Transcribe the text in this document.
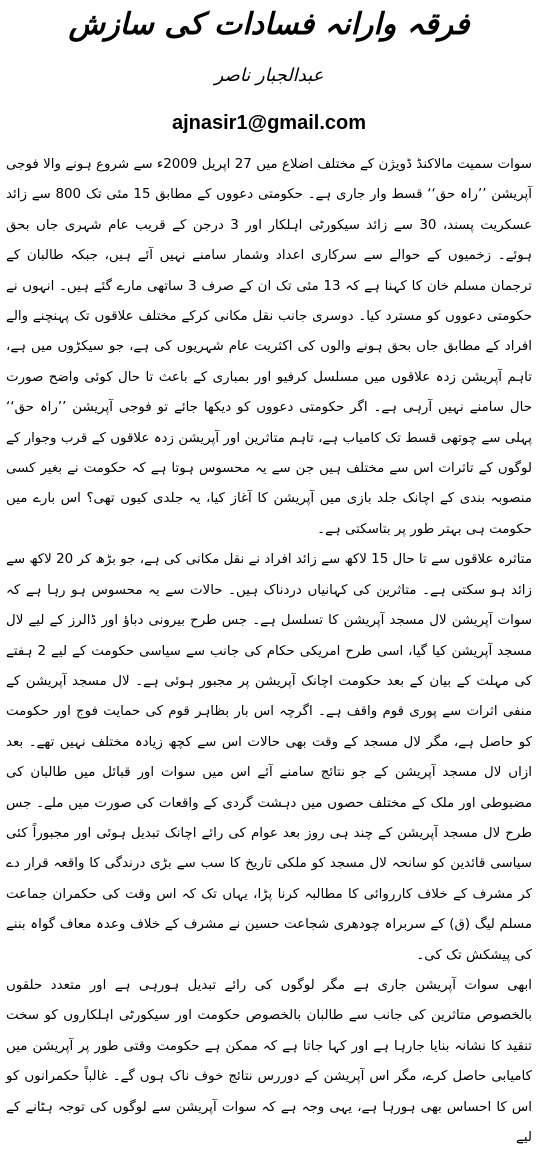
فرقہ وارانہ فسادات کی سازش
عبدالجبار ناصر
ajnasir1@gmail.com

سوات سمیت مالاکنڈ ڈویژن کے مختلف اضلاع میں 27 اپریل 2009ء سے شروع ہونے والا فوجی آپریشن ’’راہ حق‘‘ قسط وار جاری ہے۔ حکومتی دعووں کے مطابق 15 مئی تک 800 سے زائد عسکریت پسند، 30 سے زائد سیکورٹی اہلکار اور 3 درجن کے قریب عام شہری جاں بحق ہوئے۔ زخمیوں کے حوالے سے سرکاری اعداد وشمار سامنے نہیں آئے ہیں، جبکہ طالبان کے ترجمان مسلم خان کا کہنا ہے کہ 13 مئی تک ان کے صرف 3 ساتھی مارے گئے ہیں۔ انہوں نے حکومتی دعووں کو مسترد کیا۔ دوسری جانب نقل مکانی کرکے مختلف علاقوں تک پہنچنے والے افراد کے مطابق جاں بحق ہونے والوں کی اکثریت عام شہریوں کی ہے، جو سیکڑوں میں ہے، تاہم آپریشن زدہ علاقوں میں مسلسل کرفیو اور بمباری کے باعث تا حال کوئی واضح صورت حال سامنے نہیں آرہی ہے۔ اگر حکومتی دعووں کو دیکھا جائے تو فوجی آپریشن ’’راہ حق‘‘ پہلی سے چوتھی قسط تک کامیاب ہے، تاہم متاثرین اور آپریشن زدہ علاقوں کے قرب وجوار کے لوگوں کے تاثرات اس سے مختلف ہیں جن سے یہ محسوس ہوتا ہے کہ حکومت نے بغیر کسی منصوبہ بندی کے اچانک جلد بازی میں آپریشن کا آغاز کیا، یہ جلدی کیوں تھی؟ اس بارے میں حکومت ہی بہتر طور پر بتاسکتی ہے۔

متاثرہ علاقوں سے تا حال 15 لاکھ سے زائد افراد نے نقل مکانی کی ہے، جو بڑھ کر 20 لاکھ سے زائد ہو سکتی ہے۔ متاثرین کی کہانیاں دردناک ہیں۔ حالات سے یہ محسوس ہو رہا ہے کہ سوات آپریشن لال مسجد آپریشن کا تسلسل ہے۔ جس طرح بیرونی دباؤ اور ڈالرز کے لیے لال مسجد آپریشن کیا گیا، اسی طرح امریکی حکام کی جانب سے سیاسی حکومت کے لیے 2 ہفتے کی مہلت کے بیان کے بعد حکومت اچانک آپریشن پر مجبور ہوئی ہے۔ لال مسجد آپریشن کے منفی اثرات سے پوری قوم واقف ہے۔ اگرچہ اس بار بظاہر قوم کی حمایت فوج اور حکومت کو حاصل ہے، مگر لال مسجد کے وقت بھی حالات اس سے کچھ زیادہ مختلف نہیں تھے۔ بعد ازاں لال مسجد آپریشن کے جو نتائج سامنے آئے اس میں سوات اور قبائل میں طالبان کی مضبوطی اور ملک کے مختلف حصوں میں دہشت گردی کے واقعات کی صورت میں ملے۔ جس طرح لال مسجد آپریشن کے چند ہی روز بعد عوام کی رائے اچانک تبدیل ہوئی اور مجبوراً کئی سیاسی قائدین کو سانحہ لال مسجد کو ملکی تاریخ کا سب سے بڑی درندگی کا واقعہ قرار دے کر مشرف کے خلاف کارروائی کا مطالبہ کرنا پڑا، یہاں تک کہ اس وقت کی حکمران جماعت مسلم لیگ (ق) کے سربراہ چودھری شجاعت حسین نے مشرف کے خلاف وعدہ معاف گواہ بننے کی پیشکش تک کی۔

ابھی سوات آپریشن جاری ہے مگر لوگوں کی رائے تبدیل ہورہی ہے اور متعدد حلقوں بالخصوص متاثرین کی جانب سے طالبان بالخصوص حکومت اور سیکورٹی اہلکاروں کو سخت تنقید کا نشانہ بنایا جارہا ہے اور کہا جاتا ہے کہ ممکن ہے حکومت وقتی طور پر آپریشن میں کامیابی حاصل کرے، مگر اس آپریشن کے دوررس نتائج خوف ناک ہوں گے۔ غالباً حکمرانوں کو اس کا احساس بھی ہورہا ہے، یہی وجہ ہے کہ سوات آپریشن سے لوگوں کی توجہ ہٹانے کے لیے
